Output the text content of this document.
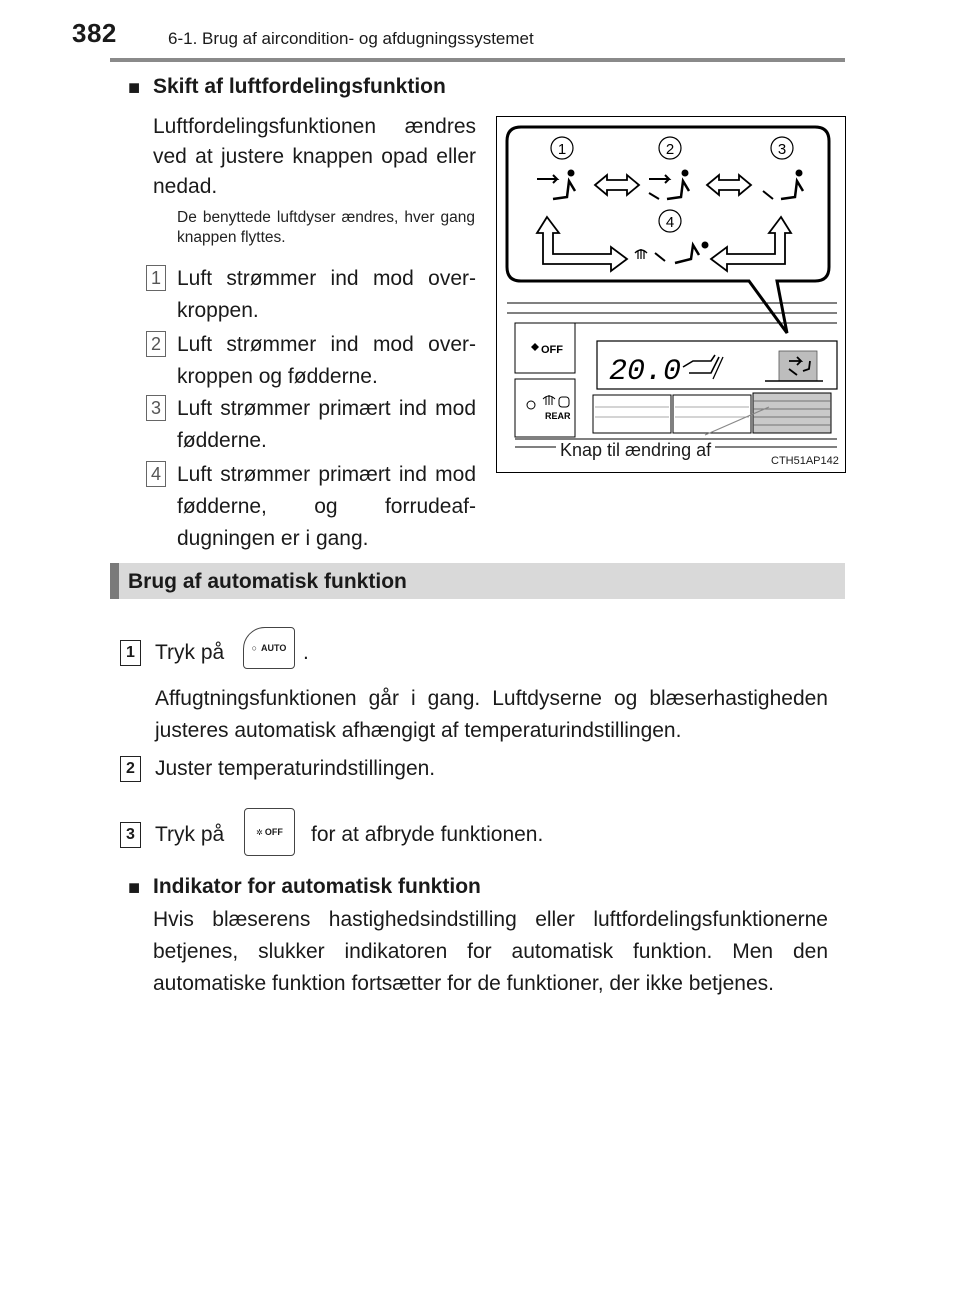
382	6-1. Brug af aircondition- og afdugningssystemet
■ Skift af luftfordelingsfunktion
Luftfordelingsfunktionen ændres ved at justere knappen opad eller nedad.
De benyttede luftdyser ændres, hver gang knappen flyttes.
1 Luft strømmer ind mod overkroppen.
2 Luft strømmer ind mod overkroppen og fødderne.
3 Luft strømmer primært ind mod fødderne.
4 Luft strømmer primært ind mod fødderne, og forrudeafdugningen er i gang.
1	2	3
4
OFF
REAR
20.0
Knap til ændring af
CTH51AP142
Brug af automatisk funktion
1 Tryk på	○ AUTO .
Affugtningsfunktionen går i gang. Luftdyserne og blæserhastigheden justeres automatisk afhængigt af temperaturindstillingen.
2 Juster temperaturindstillingen.
3 Tryk på	✲ OFF for at afbryde funktionen.
■ Indikator for automatisk funktion
Hvis blæserens hastighedsindstilling eller luftfordelingsfunktionerne betjenes, slukker indikatoren for automatisk funktion. Men den automatiske funktion fortsætter for de funktioner, der ikke betjenes.
